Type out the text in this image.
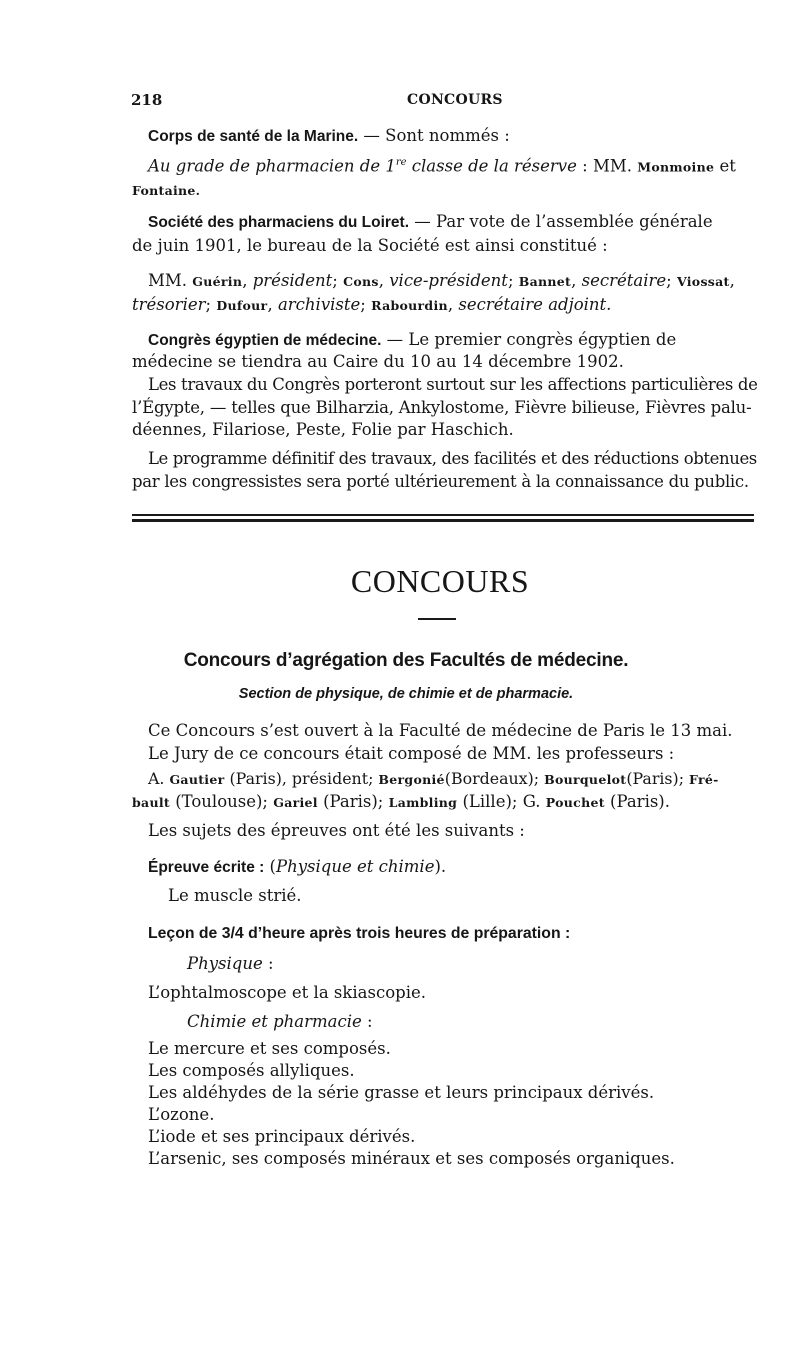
218	CONCOURS
Corps de santé de la Marine. — Sont nommés :
Au grade de pharmacien de 1re classe de la réserve : MM. Monmoine et
Fontaine.
Société des pharmaciens du Loiret. — Par vote de l’assemblée générale
de juin 1901, le bureau de la Société est ainsi constitué :
MM. Guérin, président; Cons, vice-président; Bannet, secrétaire; Viossat,
trésorier; Dufour, archiviste; Rabourdin, secrétaire adjoint.
Congrès égyptien de médecine. — Le premier congrès égyptien de
médecine se tiendra au Caire du 10 au 14 décembre 1902.
Les travaux du Congrès porteront surtout sur les affections particulières de
l’Égypte, — telles que Bilharzia, Ankylostome, Fièvre bilieuse, Fièvres palu-
déennes, Filariose, Peste, Folie par Haschich.
Le programme définitif des travaux, des facilités et des réductions obtenues
par les congressistes sera porté ultérieurement à la connaissance du public.
CONCOURS
Concours d’agrégation des Facultés de médecine.
Section de physique, de chimie et de pharmacie.
Ce Concours s’est ouvert à la Faculté de médecine de Paris le 13 mai.
Le Jury de ce concours était composé de MM. les professeurs :
A. Gautier (Paris), président; Bergonié(Bordeaux); Bourquelot(Paris); Fré-
bault (Toulouse); Gariel (Paris); Lambling (Lille); G. Pouchet (Paris).
Les sujets des épreuves ont été les suivants :
Épreuve écrite : (Physique et chimie).
Le muscle strié.
Leçon de 3/4 d’heure après trois heures de préparation :
Physique :
L’ophtalmoscope et la skiascopie.
Chimie et pharmacie :
Le mercure et ses composés.
Les composés allyliques.
Les aldéhydes de la série grasse et leurs principaux dérivés.
L’ozone.
L’iode et ses principaux dérivés.
L’arsenic, ses composés minéraux et ses composés organiques.
